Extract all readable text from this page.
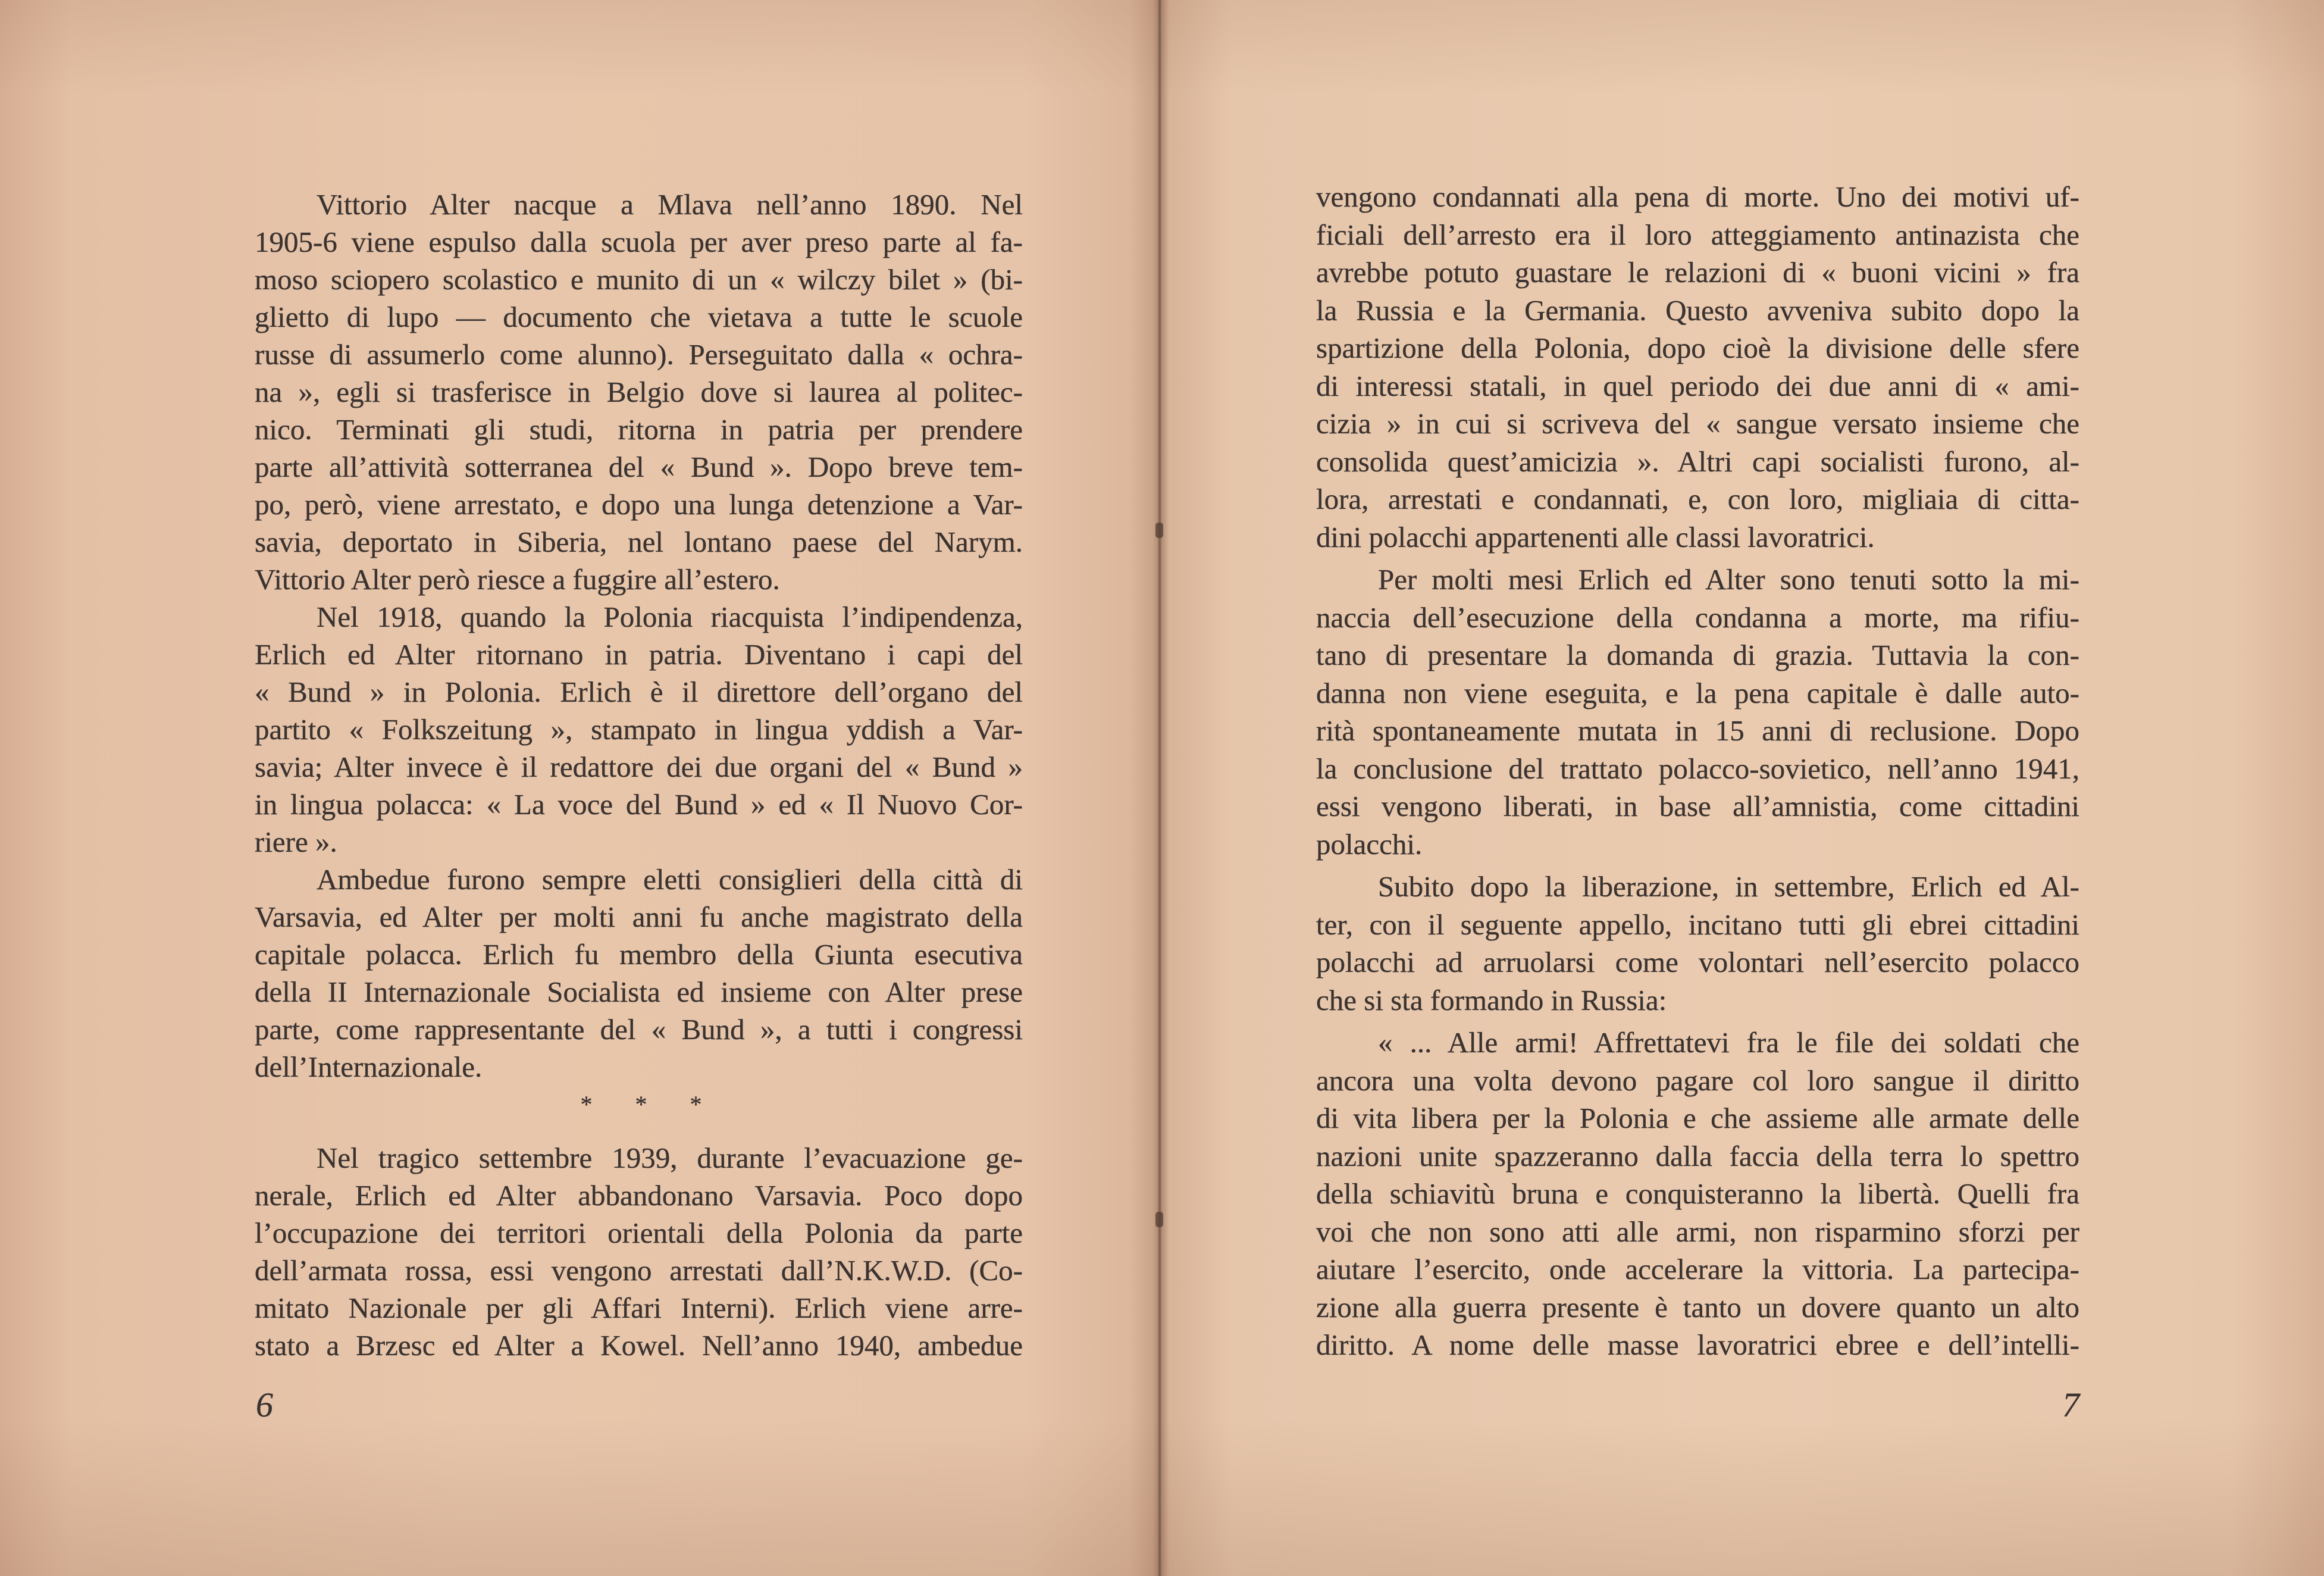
Vittorio Alter nacque a Mlava nell’anno 1890. Nel
1905-6 viene espulso dalla scuola per aver preso parte al fa-
moso sciopero scolastico e munito di un « wilczy bilet » (bi-
glietto di lupo — documento che vietava a tutte le scuole
russe di assumerlo come alunno). Perseguitato dalla « ochra-
na », egli si trasferisce in Belgio dove si laurea al politec-
nico. Terminati gli studi, ritorna in patria per prendere
parte all’attività sotterranea del « Bund ». Dopo breve tem-
po, però, viene arrestato, e dopo una lunga detenzione a Var-
savia, deportato in Siberia, nel lontano paese del Narym.
Vittorio Alter però riesce a fuggire all’estero.
Nel 1918, quando la Polonia riacquista l’indipendenza,
Erlich ed Alter ritornano in patria. Diventano i capi del
« Bund » in Polonia. Erlich è il direttore dell’organo del
partito « Folkszeitung », stampato in lingua yddish a Var-
savia; Alter invece è il redattore dei due organi del « Bund »
in lingua polacca: « La voce del Bund » ed « Il Nuovo Cor-
riere ».
Ambedue furono sempre eletti consiglieri della città di
Varsavia, ed Alter per molti anni fu anche magistrato della
capitale polacca. Erlich fu membro della Giunta esecutiva
della II Internazionale Socialista ed insieme con Alter prese
parte, come rappresentante del « Bund », a tutti i congressi
dell’Internazionale.
* * *
Nel tragico settembre 1939, durante l’evacuazione ge-
nerale, Erlich ed Alter abbandonano Varsavia. Poco dopo
l’occupazione dei territori orientali della Polonia da parte
dell’armata rossa, essi vengono arrestati dall’N.K.W.D. (Co-
mitato Nazionale per gli Affari Interni). Erlich viene arre-
stato a Brzesc ed Alter a Kowel. Nell’anno 1940, ambedue
6
vengono condannati alla pena di morte. Uno dei motivi uf-
ficiali dell’arresto era il loro atteggiamento antinazista che
avrebbe potuto guastare le relazioni di « buoni vicini » fra
la Russia e la Germania. Questo avveniva subito dopo la
spartizione della Polonia, dopo cioè la divisione delle sfere
di interessi statali, in quel periodo dei due anni di « ami-
cizia » in cui si scriveva del « sangue versato insieme che
consolida quest’amicizia ». Altri capi socialisti furono, al-
lora, arrestati e condannati, e, con loro, migliaia di citta-
dini polacchi appartenenti alle classi lavoratrici.
Per molti mesi Erlich ed Alter sono tenuti sotto la mi-
naccia dell’esecuzione della condanna a morte, ma rifiu-
tano di presentare la domanda di grazia. Tuttavia la con-
danna non viene eseguita, e la pena capitale è dalle auto-
rità spontaneamente mutata in 15 anni di reclusione. Dopo
la conclusione del trattato polacco-sovietico, nell’anno 1941,
essi vengono liberati, in base all’amnistia, come cittadini
polacchi.
Subito dopo la liberazione, in settembre, Erlich ed Al-
ter, con il seguente appello, incitano tutti gli ebrei cittadini
polacchi ad arruolarsi come volontari nell’esercito polacco
che si sta formando in Russia:
« ... Alle armi! Affrettatevi fra le file dei soldati che
ancora una volta devono pagare col loro sangue il diritto
di vita libera per la Polonia e che assieme alle armate delle
nazioni unite spazzeranno dalla faccia della terra lo spettro
della schiavitù bruna e conquisteranno la libertà. Quelli fra
voi che non sono atti alle armi, non risparmino sforzi per
aiutare l’esercito, onde accelerare la vittoria. La partecipa-
zione alla guerra presente è tanto un dovere quanto un alto
diritto. A nome delle masse lavoratrici ebree e dell’intelli-
7
